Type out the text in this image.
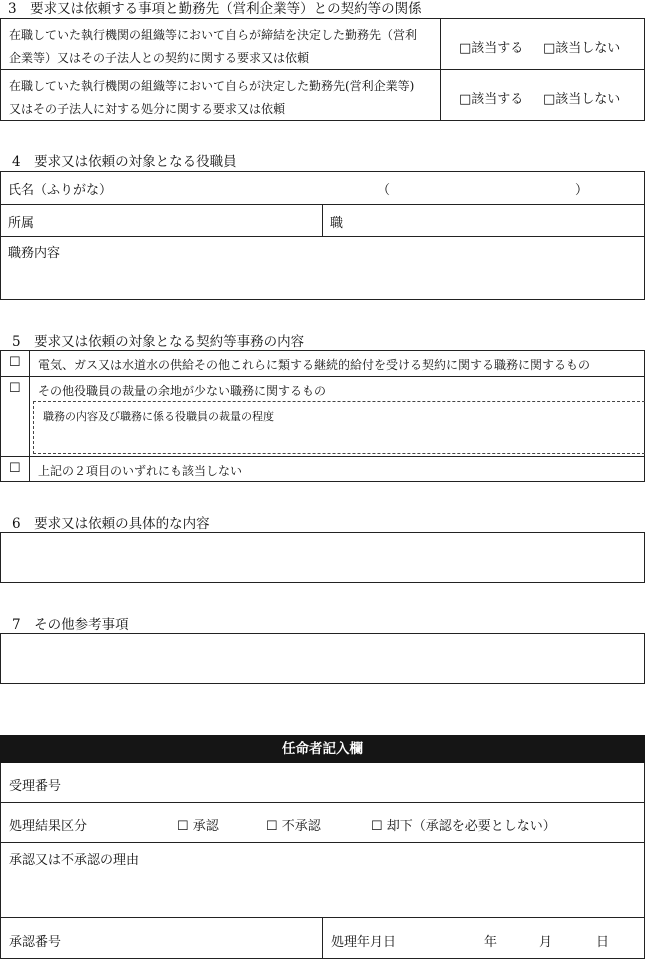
3　要求又は依頼する事項と勤務先（営利企業等）との契約等の関係
在職していた執行機関の組織等において自らが締結を決定した勤務先（営利
企業等）又はその子法人との契約に関する要求又は依頼
□該当する □該当しない
在職していた執行機関の組織等において自らが決定した勤務先(営利企業等)
又はその子法人に対する処分に関する要求又は依頼
□該当する □該当しない
4　要求又は依頼の対象となる役職員
氏名（ふりがな）	（	）
所属	職
職務内容
5　要求又は依頼の対象となる契約等事務の内容
☐ 電気、ガス又は水道水の供給その他これらに類する継続的給付を受ける契約に関する職務に関するもの
☐ その他役職員の裁量の余地が少ない職務に関するもの
職務の内容及び職務に係る役職員の裁量の程度
☐ 上記の２項目のいずれにも該当しない
6　要求又は依頼の具体的な内容
7　その他参考事項
任命者記入欄
受理番号
処理結果区分	☐ 承認	☐ 不承認	☐ 却下（承認を必要としない）
承認又は不承認の理由
承認番号	処理年月日	年	月	日
